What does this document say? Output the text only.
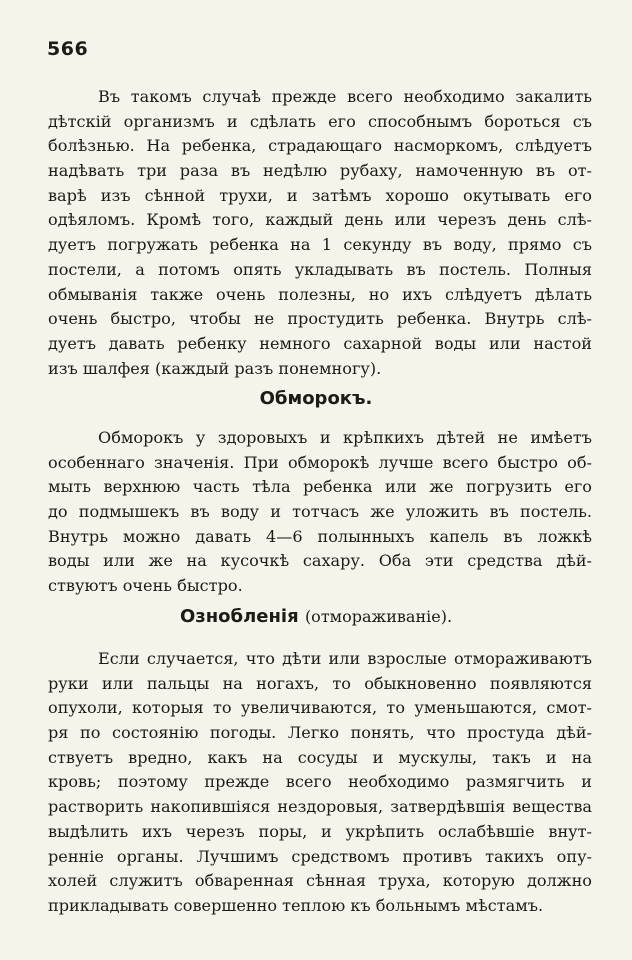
566
Въ такомъ случаѣ прежде всего необходимо закалить
дѣтскій организмъ и сдѣлать его способнымъ бороться съ
болѣзнью. На ребенка, страдающаго насморкомъ, слѣдуетъ
надѣвать три раза въ недѣлю рубаху, намоченную въ от-
варѣ изъ сѣнной трухи, и затѣмъ хорошо окутывать его
одѣяломъ. Кромѣ того, каждый день или черезъ день слѣ-
дуетъ погружать ребенка на 1 секунду въ воду, прямо съ
постели, а потомъ опять укладывать въ постель. Полныя
обмыванія также очень полезны, но ихъ слѣдуетъ дѣлать
очень быстро, чтобы не простудить ребенка. Внутрь слѣ-
дуетъ давать ребенку немного сахарной воды или настой
изъ шалфея (каждый разъ понемногу).
Обморокъ.
Обморокъ у здоровыхъ и крѣпкихъ дѣтей не имѣетъ
особеннаго значенія. При обморокѣ лучше всего быстро об-
мыть верхнюю часть тѣла ребенка или же погрузить его
до подмышекъ въ воду и тотчасъ же уложить въ постель.
Внутрь можно давать 4—6 полынныхъ капель въ ложкѣ
воды или же на кусочкѣ сахару. Оба эти средства дѣй-
ствуютъ очень быстро.
Ознобленія (отмораживаніе).
Если случается, что дѣти или взрослые отмораживаютъ
руки или пальцы на ногахъ, то обыкновенно появляются
опухоли, которыя то увеличиваются, то уменьшаются, смот-
ря по состоянію погоды. Легко понять, что простуда дѣй-
ствуетъ вредно, какъ на сосуды и мускулы, такъ и на
кровь; поэтому прежде всего необходимо размягчить и
растворить накопившіяся нездоровыя, затвердѣвшія вещества
выдѣлить ихъ черезъ поры, и укрѣпить ослабѣвшіе внут-
ренніе органы. Лучшимъ средствомъ противъ такихъ опу-
холей служитъ обваренная сѣнная труха, которую должно
прикладывать совершенно теплою къ больнымъ мѣстамъ.
